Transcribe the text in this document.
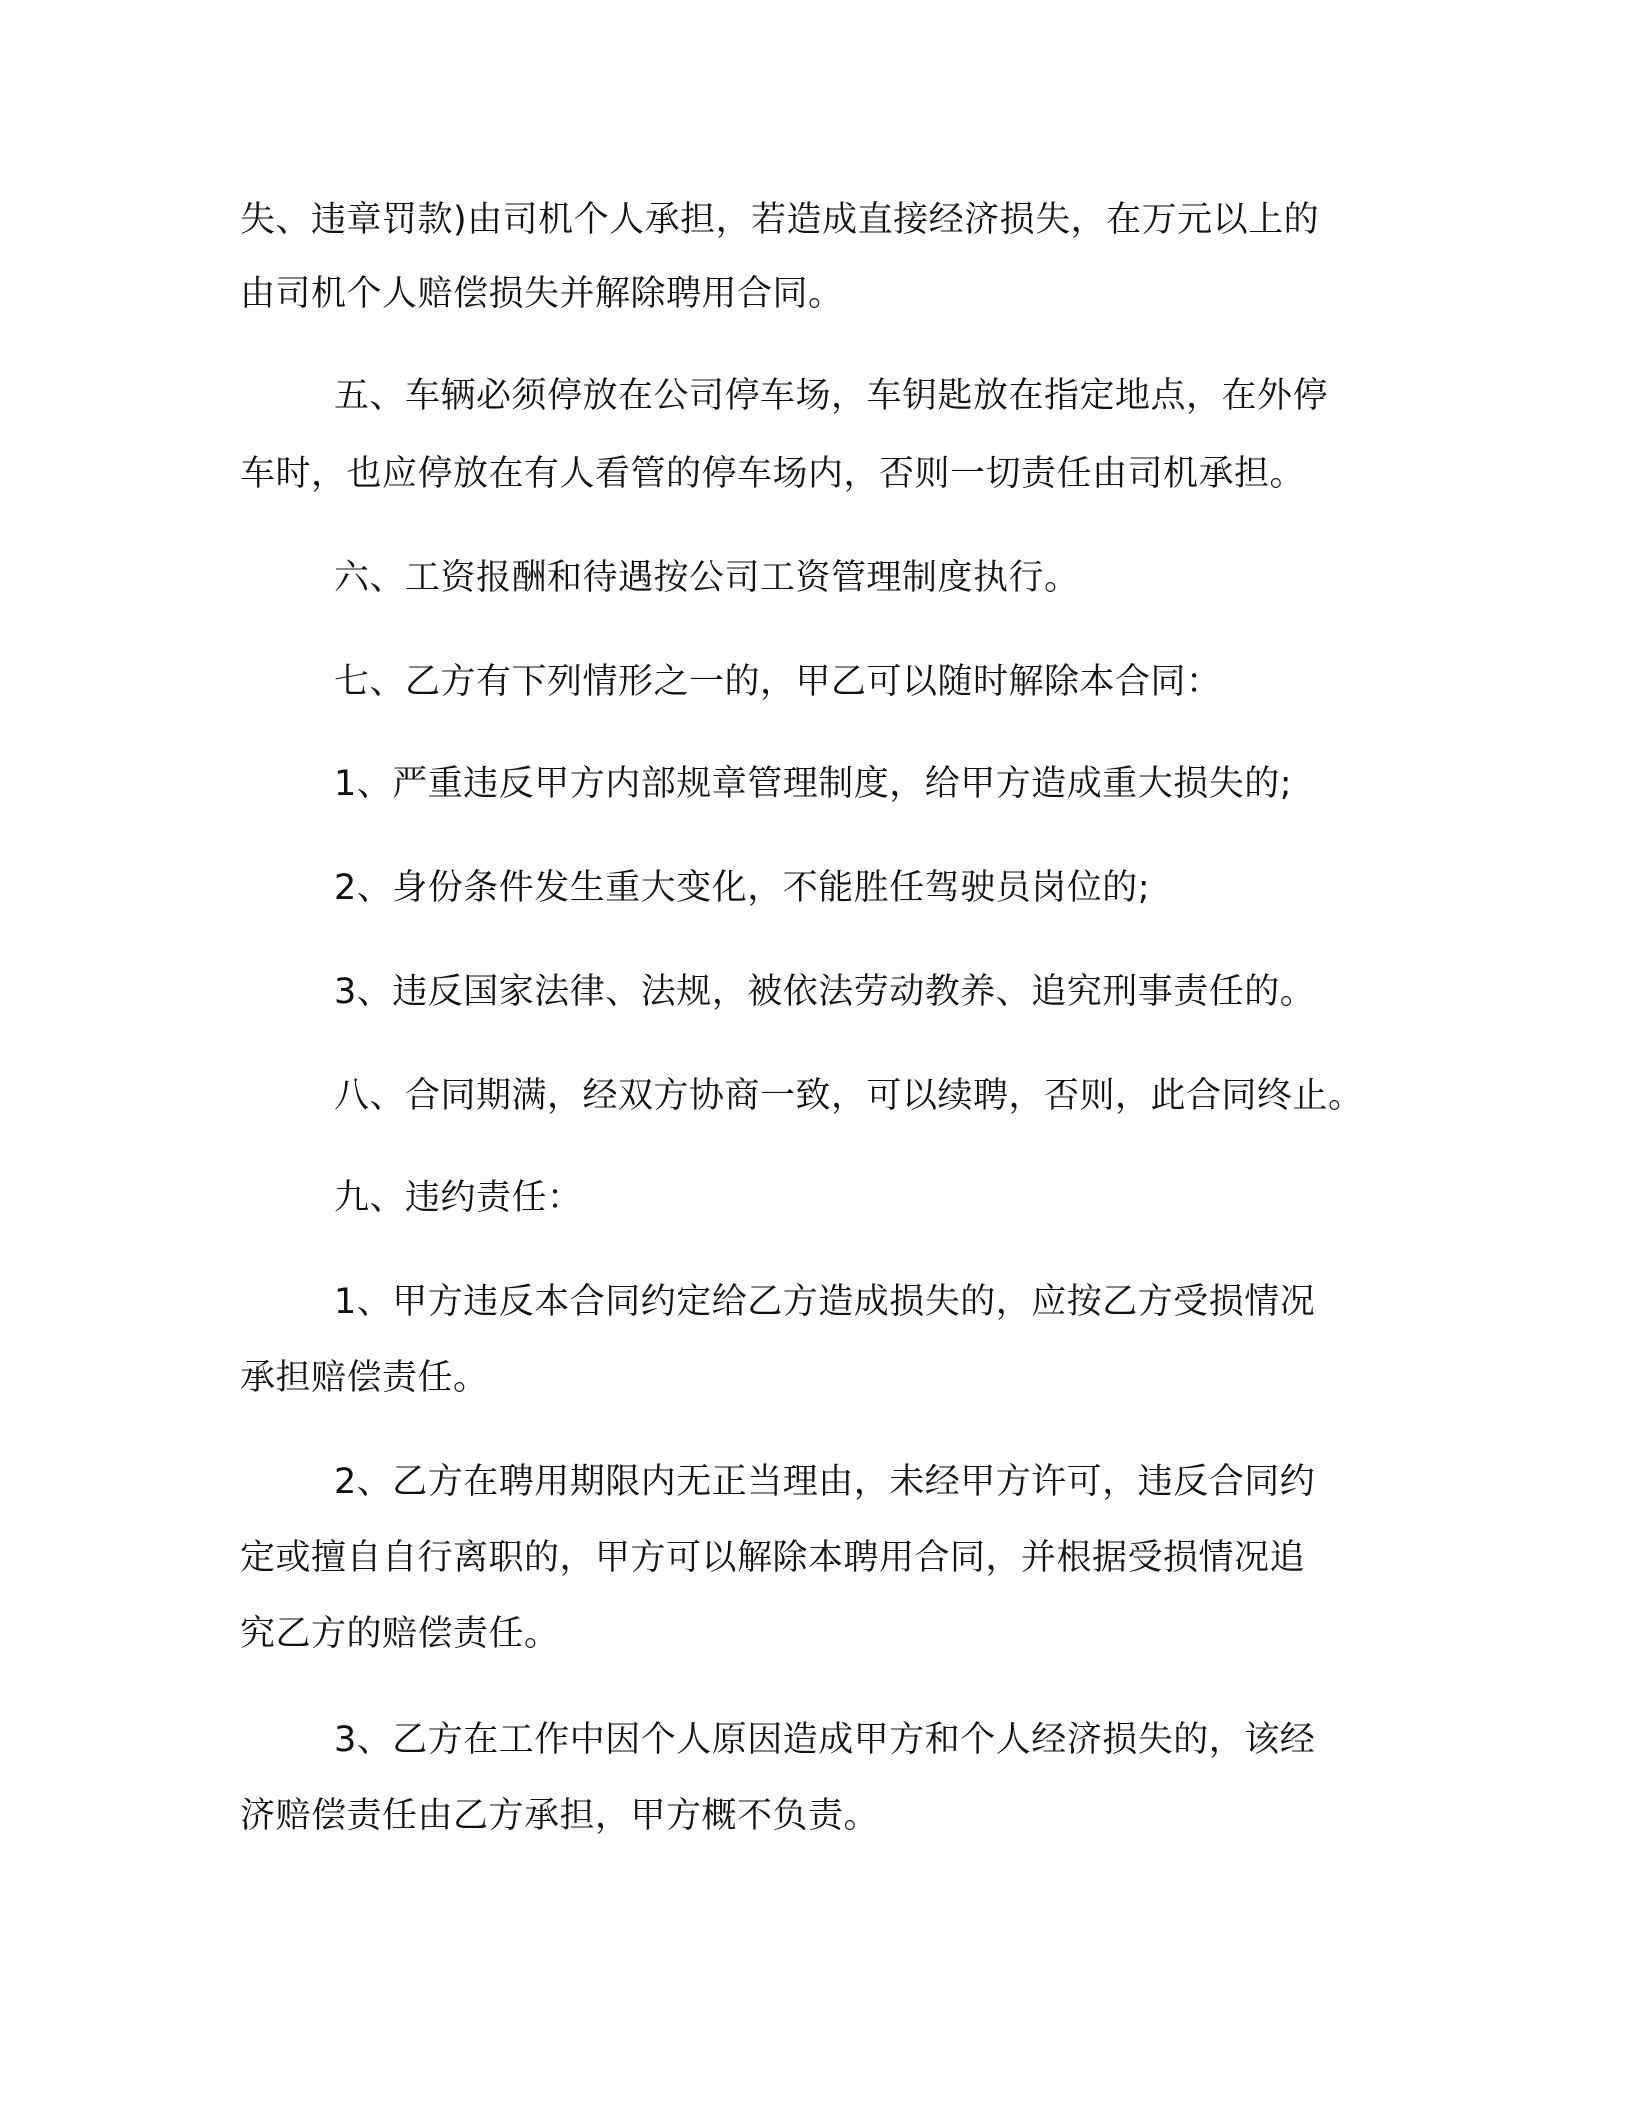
失、违章罚款)由司机个人承担，若造成直接经济损失，在万元以上的
由司机个人赔偿损失并解除聘用合同。
五、车辆必须停放在公司停车场，车钥匙放在指定地点，在外停
车时，也应停放在有人看管的停车场内，否则一切责任由司机承担。
六、工资报酬和待遇按公司工资管理制度执行。
七、乙方有下列情形之一的，甲乙可以随时解除本合同：
1、严重违反甲方内部规章管理制度，给甲方造成重大损失的;
2、身份条件发生重大变化，不能胜任驾驶员岗位的;
3、违反国家法律、法规，被依法劳动教养、追究刑事责任的。
八、合同期满，经双方协商一致，可以续聘，否则，此合同终止。
九、违约责任：
1、甲方违反本合同约定给乙方造成损失的，应按乙方受损情况
承担赔偿责任。
2、乙方在聘用期限内无正当理由，未经甲方许可，违反合同约
定或擅自自行离职的，甲方可以解除本聘用合同，并根据受损情况追
究乙方的赔偿责任。
3、乙方在工作中因个人原因造成甲方和个人经济损失的，该经
济赔偿责任由乙方承担，甲方概不负责。
